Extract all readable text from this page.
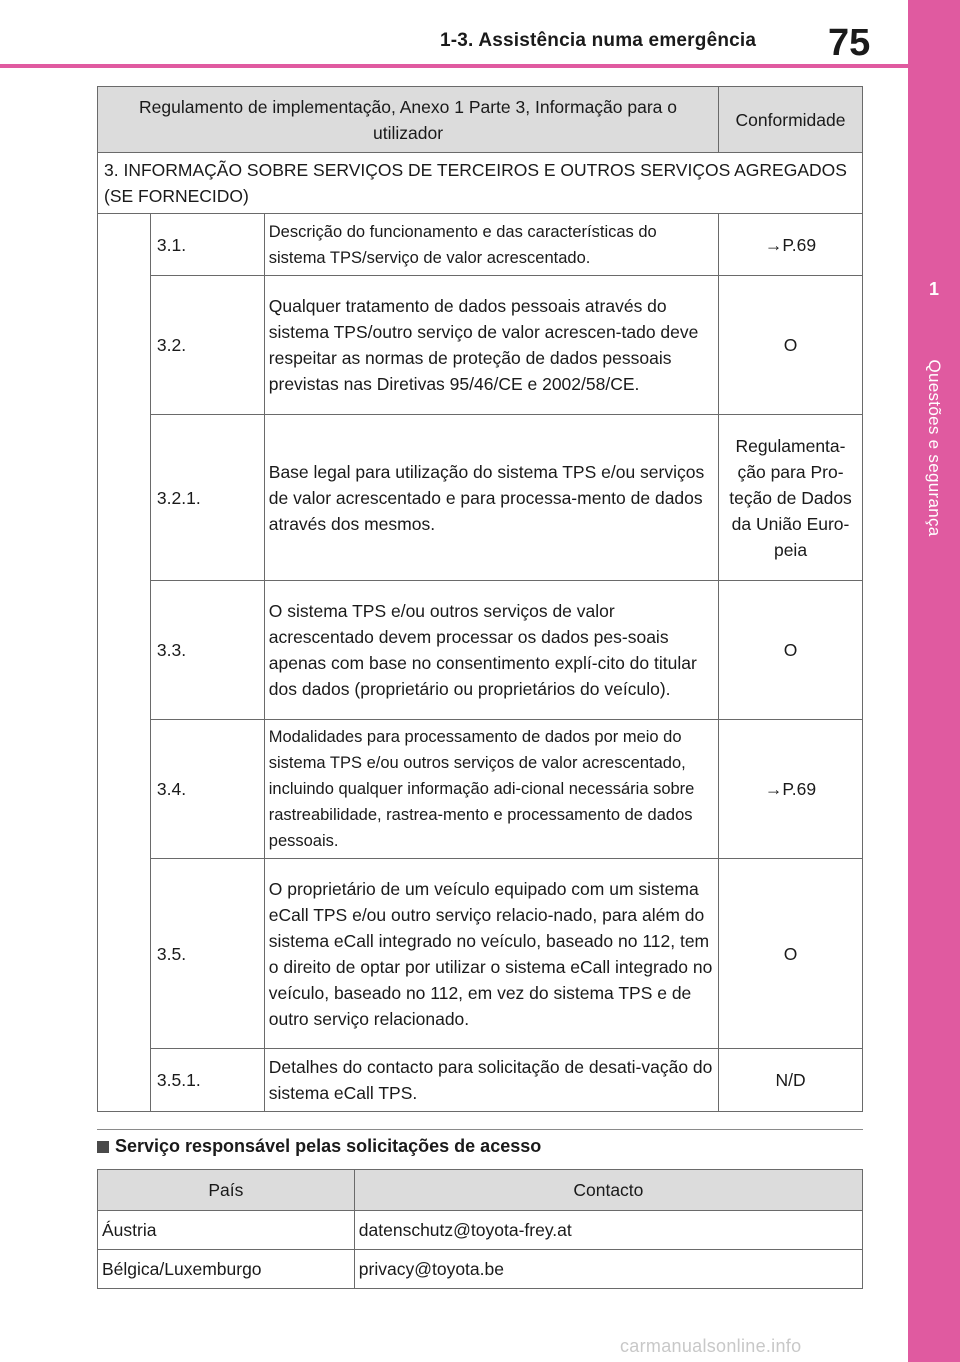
1-3. Assistência numa emergência 75
1
Questões e segurança
Regulamento de implementação, Anexo 1 Parte 3, Informação para o utilizador			Conformidade
3. INFORMAÇÃO SOBRE SERVIÇOS DE TERCEIROS E OUTROS SERVIÇOS AGREGADOS (SE FORNECIDO)			
	3.1.	Descrição do funcionamento e das características do sistema TPS/serviço de valor acrescentado.	→P.69
	3.2.	Qualquer tratamento de dados pessoais através do sistema TPS/outro serviço de valor acrescen-tado deve respeitar as normas de proteção de dados pessoais previstas nas Diretivas 95/46/CE e 2002/58/CE.	O
	3.2.1.	Base legal para utilização do sistema TPS e/ou serviços de valor acrescentado e para processa-mento de dados através dos mesmos.	Regulamenta-ção para Pro-teção de Dados da União Euro-peia
	3.3.	O sistema TPS e/ou outros serviços de valor acrescentado devem processar os dados pes-soais apenas com base no consentimento explí-cito do titular dos dados (proprietário ou proprietários do veículo).	O
	3.4.	Modalidades para processamento de dados por meio do sistema TPS e/ou outros serviços de valor acrescentado, incluindo qualquer informação adi-cional necessária sobre rastreabilidade, rastrea-mento e processamento de dados pessoais.	→P.69
	3.5.	O proprietário de um veículo equipado com um sistema eCall TPS e/ou outro serviço relacio-nado, para além do sistema eCall integrado no veículo, baseado no 112, tem o direito de optar por utilizar o sistema eCall integrado no veículo, baseado no 112, em vez do sistema TPS e de outro serviço relacionado.	O
	3.5.1.	Detalhes do contacto para solicitação de desati-vação do sistema eCall TPS.	N/D
Serviço responsável pelas solicitações de acesso
País	Contacto
Áustria	datenschutz@toyota-frey.at
Bélgica/Luxemburgo	privacy@toyota.be
carmanualsonline.info
